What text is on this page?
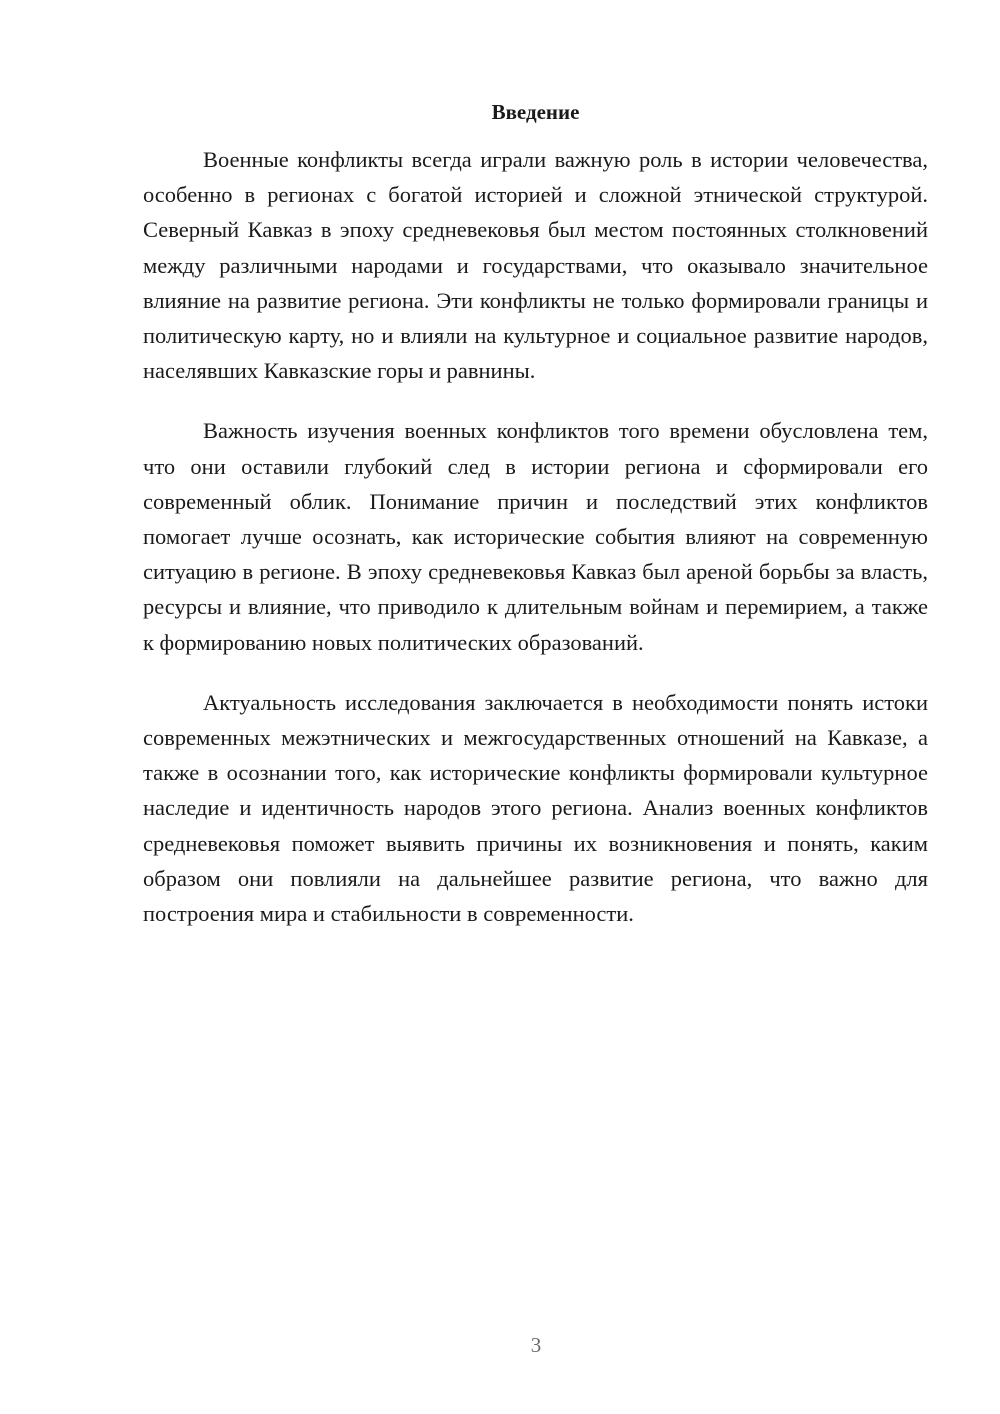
Введение

Военные конфликты всегда играли важную роль в истории человечества, особенно в регионах с богатой историей и сложной этнической структурой. Северный Кавказ в эпоху средневековья был местом постоянных столкновений между различными народами и государствами, что оказывало значительное влияние на развитие региона. Эти конфликты не только формировали границы и политическую карту, но и влияли на культурное и социальное развитие народов, населявших Кавказские горы и равнины.

Важность изучения военных конфликтов того времени обусловлена тем, что они оставили глубокий след в истории региона и сформировали его современный облик. Понимание причин и последствий этих конфликтов помогает лучше осознать, как исторические события влияют на современную ситуацию в регионе. В эпоху средневековья Кавказ был ареной борьбы за власть, ресурсы и влияние, что приводило к длительным войнам и перемирием, а также к формированию новых политических образований.

Актуальность исследования заключается в необходимости понять истоки современных межэтнических и межгосударственных отношений на Кавказе, а также в осознании того, как исторические конфликты формировали культурное наследие и идентичность народов этого региона. Анализ военных конфликтов средневековья поможет выявить причины их возникновения и понять, каким образом они повлияли на дальнейшее развитие региона, что важно для построения мира и стабильности в современности.

3
